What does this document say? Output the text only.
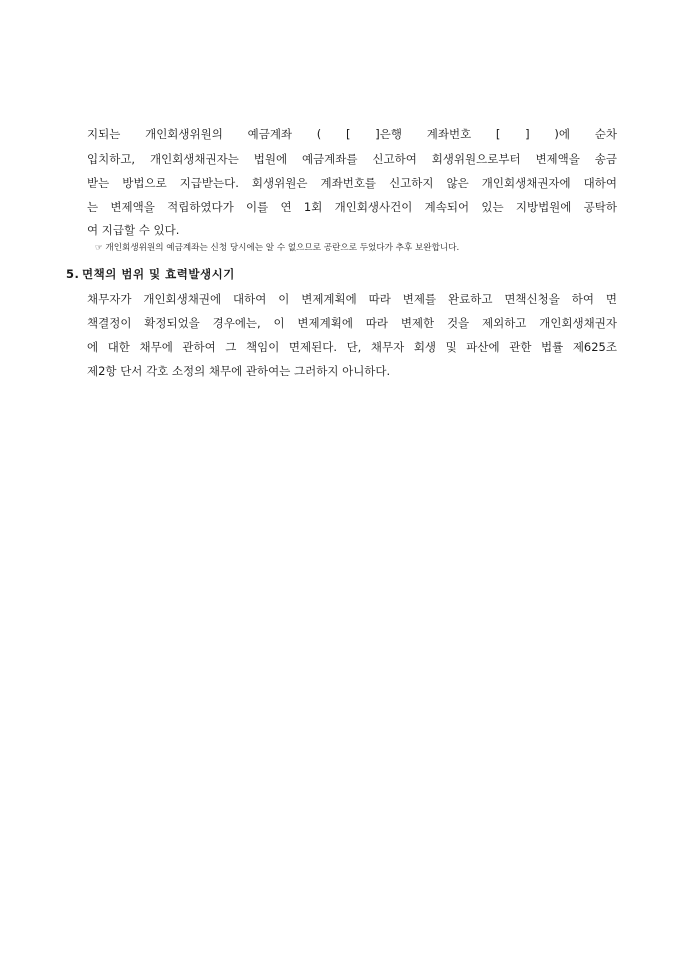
지되는 개인회생위원의 예금계좌 ( [ ]은행 계좌번호 [ ] )에 순차
입치하고, 개인회생채권자는 법원에 예금계좌를 신고하여 회생위원으로부터 변제액을 송금
받는 방법으로 지급받는다. 회생위원은 계좌번호를 신고하지 않은 개인회생채권자에 대하여
는 변제액을 적립하였다가 이를 연 1회 개인회생사건이 계속되어 있는 지방법원에 공탁하
여 지급할 수 있다.
☞ 개인회생위원의 예금계좌는 신청 당시에는 알 수 없으므로 공란으로 두었다가 추후 보완합니다.
5. 면책의 범위 및 효력발생시기
채무자가 개인회생채권에 대하여 이 변제계획에 따라 변제를 완료하고 면책신청을 하여 면
책결정이 확정되었을 경우에는, 이 변제계획에 따라 변제한 것을 제외하고 개인회생채권자
에 대한 채무에 관하여 그 책임이 면제된다. 단, 채무자 회생 및 파산에 관한 법률 제625조
제2항 단서 각호 소정의 채무에 관하여는 그러하지 아니하다.
